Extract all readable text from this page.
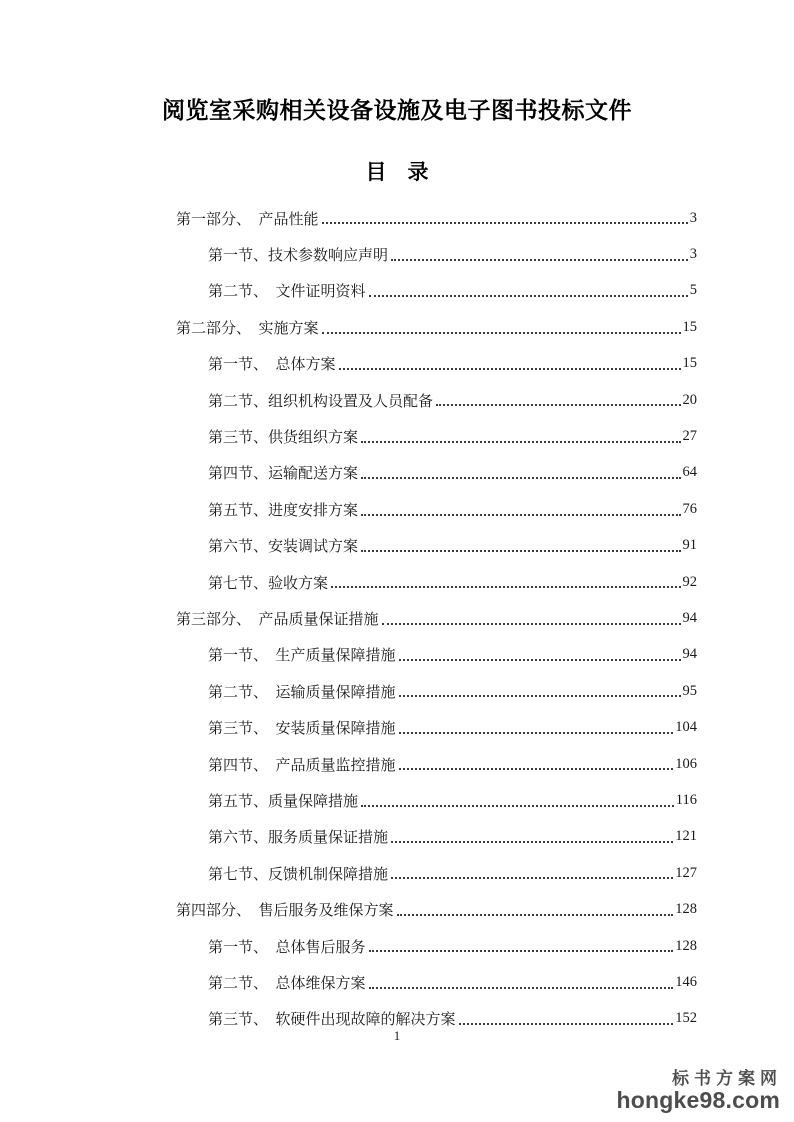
阅览室采购相关设备设施及电子图书投标文件
目　录
第一部分、　产品性能	3
第一节、技术参数响应声明	3
第二节、　文件证明资料	5
第二部分、　实施方案	15
第一节、　总体方案	15
第二节、组织机构设置及人员配备	20
第三节、供货组织方案	27
第四节、运输配送方案	64
第五节、进度安排方案	76
第六节、安装调试方案	91
第七节、验收方案	92
第三部分、　产品质量保证措施	94
第一节、　生产质量保障措施	94
第二节、　运输质量保障措施	95
第三节、　安装质量保障措施	104
第四节、　产品质量监控措施	106
第五节、质量保障措施	116
第六节、服务质量保证措施	121
第七节、反馈机制保障措施	127
第四部分、　售后服务及维保方案	128
第一节、　总体售后服务	128
第二节、　总体维保方案	146
第三节、　软硬件出现故障的解决方案	152
1
标书方案网
hongke98.com
